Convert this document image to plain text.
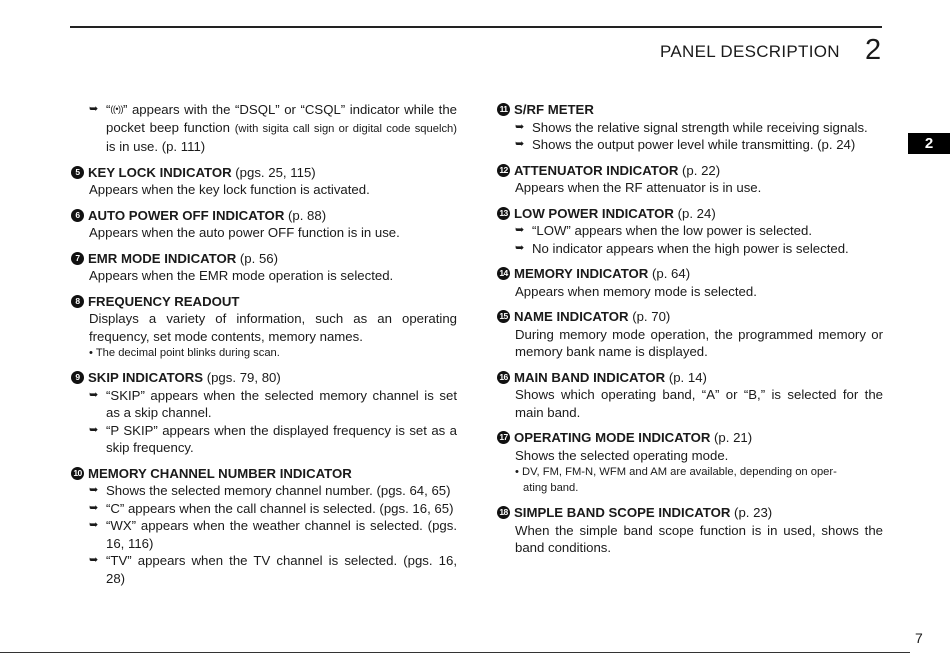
PANEL DESCRIPTION 2
2
➥ “((•))” appears with the “DSQL” or “CSQL” indicator while the pocket beep function (with sigita call sign or digital code squelch) is in use. (p. 111)
5 KEY LOCK INDICATOR (pgs. 25, 115)
Appears when the key lock function is activated.
6 AUTO POWER OFF INDICATOR (p. 88)
Appears when the auto power OFF function is in use.
7 EMR MODE INDICATOR (p. 56)
Appears when the EMR mode operation is selected.
8 FREQUENCY READOUT
Displays a variety of information, such as an operating frequency, set mode contents, memory names.
• The decimal point blinks during scan.
9 SKIP INDICATORS (pgs. 79, 80)
➥ “SKIP” appears when the selected memory channel is set as a skip channel.
➥ “P SKIP” appears when the displayed frequency is set as a skip frequency.
10 MEMORY CHANNEL NUMBER INDICATOR
➥ Shows the selected memory channel number. (pgs. 64, 65)
➥ “C” appears when the call channel is selected. (pgs. 16, 65)
➥ “WX” appears when the weather channel is selected. (pgs. 16, 116)
➥ “TV” appears when the TV channel is selected. (pgs. 16, 28)
11 S/RF METER
➥ Shows the relative signal strength while receiving signals.
➥ Shows the output power level while transmitting. (p. 24)
12 ATTENUATOR INDICATOR (p. 22)
Appears when the RF attenuator is in use.
13 LOW POWER INDICATOR (p. 24)
➥ “LOW” appears when the low power is selected.
➥ No indicator appears when the high power is selected.
14 MEMORY INDICATOR (p. 64)
Appears when memory mode is selected.
15 NAME INDICATOR (p. 70)
During memory mode operation, the programmed memory or memory bank name is displayed.
16 MAIN BAND INDICATOR (p. 14)
Shows which operating band, “A” or “B,” is selected for the main band.
17 OPERATING MODE INDICATOR (p. 21)
Shows the selected operating mode.
• DV, FM, FM-N, WFM and AM are available, depending on oper-
ating band.
18 SIMPLE BAND SCOPE INDICATOR (p. 23)
When the simple band scope function is in used, shows the band conditions.
7
